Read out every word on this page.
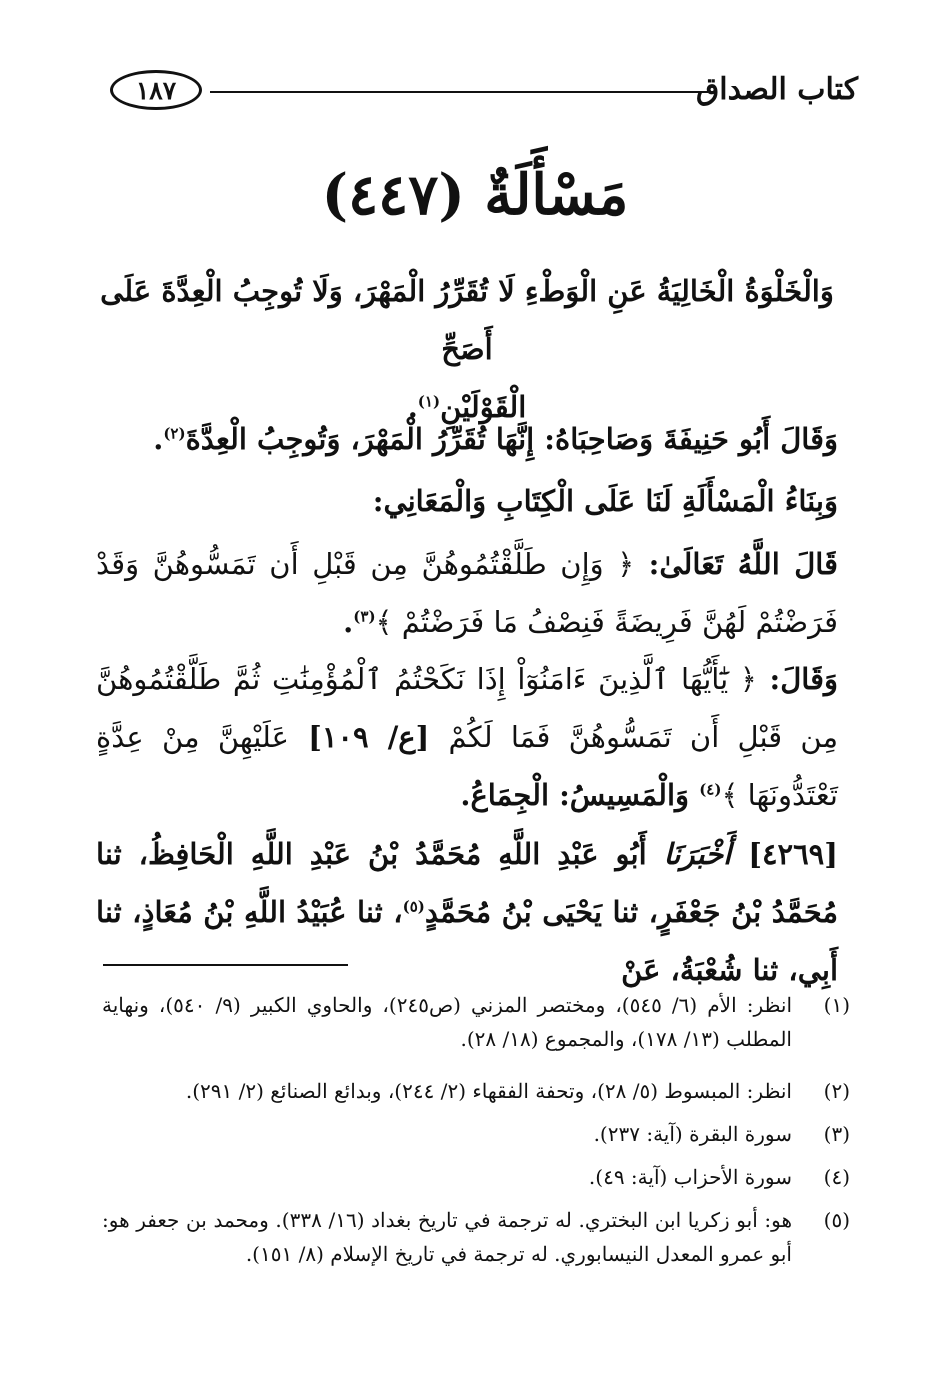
كتاب الصداق
١٨٧
مَسْأَلَةٌ (٤٤٧)
وَالْخَلْوَةُ الْخَالِيَةُ عَنِ الْوَطْءِ لَا تُقَرِّرُ الْمَهْرَ، وَلَا تُوجِبُ الْعِدَّةَ عَلَى أَصَحِّ
الْقَوْلَيْنِ$^{(١)}$.
وَقَالَ أَبُو حَنِيفَةَ وَصَاحِبَاهُ: إِنَّهَا تُقَرِّرُ الْمَهْرَ، وَتُوجِبُ الْعِدَّةَ$^{(٢)}$.
وَبِنَاءُ الْمَسْأَلَةِ لَنَا عَلَى الْكِتَابِ وَالْمَعَانِي:
قَالَ اللَّهُ تَعَالَىٰ: ﴿ وَإِن طَلَّقْتُمُوهُنَّ مِن قَبْلِ أَن تَمَسُّوهُنَّ وَقَدْ فَرَضْتُمْ لَهُنَّ فَرِيضَةً فَنِصْفُ مَا فَرَضْتُمْ ﴾$^{(٣)}$.
وَقَالَ: ﴿ يَٰٓأَيُّهَا ٱلَّذِينَ ءَامَنُوٓاْ إِذَا نَكَحْتُمُ ٱلْمُؤْمِنَٰتِ ثُمَّ طَلَّقْتُمُوهُنَّ مِن قَبْلِ أَن تَمَسُّوهُنَّ فَمَا لَكُمْ [ع/ ١٠٩] عَلَيْهِنَّ مِنْ عِدَّةٍ تَعْتَدُّونَهَا ﴾$^{(٤)}$ وَالْمَسِيسُ: الْجِمَاعُ.
[٤٢٦٩] أَخْبَرَنَا أَبُو عَبْدِ اللَّهِ مُحَمَّدُ بْنُ عَبْدِ اللَّهِ الْحَافِظُ، ثنا مُحَمَّدُ بْنُ جَعْفَرٍ، ثنا يَحْيَى بْنُ مُحَمَّدٍ$^{(٥)}$، ثنا عُبَيْدُ اللَّهِ بْنُ مُعَاذٍ، ثنا أَبِي، ثنا شُعْبَةُ، عَنْ
(١)
انظر: الأم (٦/ ٥٤٥)، ومختصر المزني (ص٢٤٥)، والحاوي الكبير (٩/ ٥٤٠)، ونهاية المطلب (١٣/ ١٧٨)، والمجموع (١٨/ ٢٨).
(٢)
انظر: المبسوط (٥/ ٢٨)، وتحفة الفقهاء (٢/ ٢٤٤)، وبدائع الصنائع (٢/ ٢٩١).
(٣)
سورة البقرة (آية: ٢٣٧).
(٤)
سورة الأحزاب (آية: ٤٩).
(٥)
هو: أبو زكريا ابن البختري. له ترجمة في تاريخ بغداد (١٦/ ٣٣٨). ومحمد بن جعفر هو: أبو عمرو المعدل النيسابوري. له ترجمة في تاريخ الإسلام (٨/ ١٥١).
